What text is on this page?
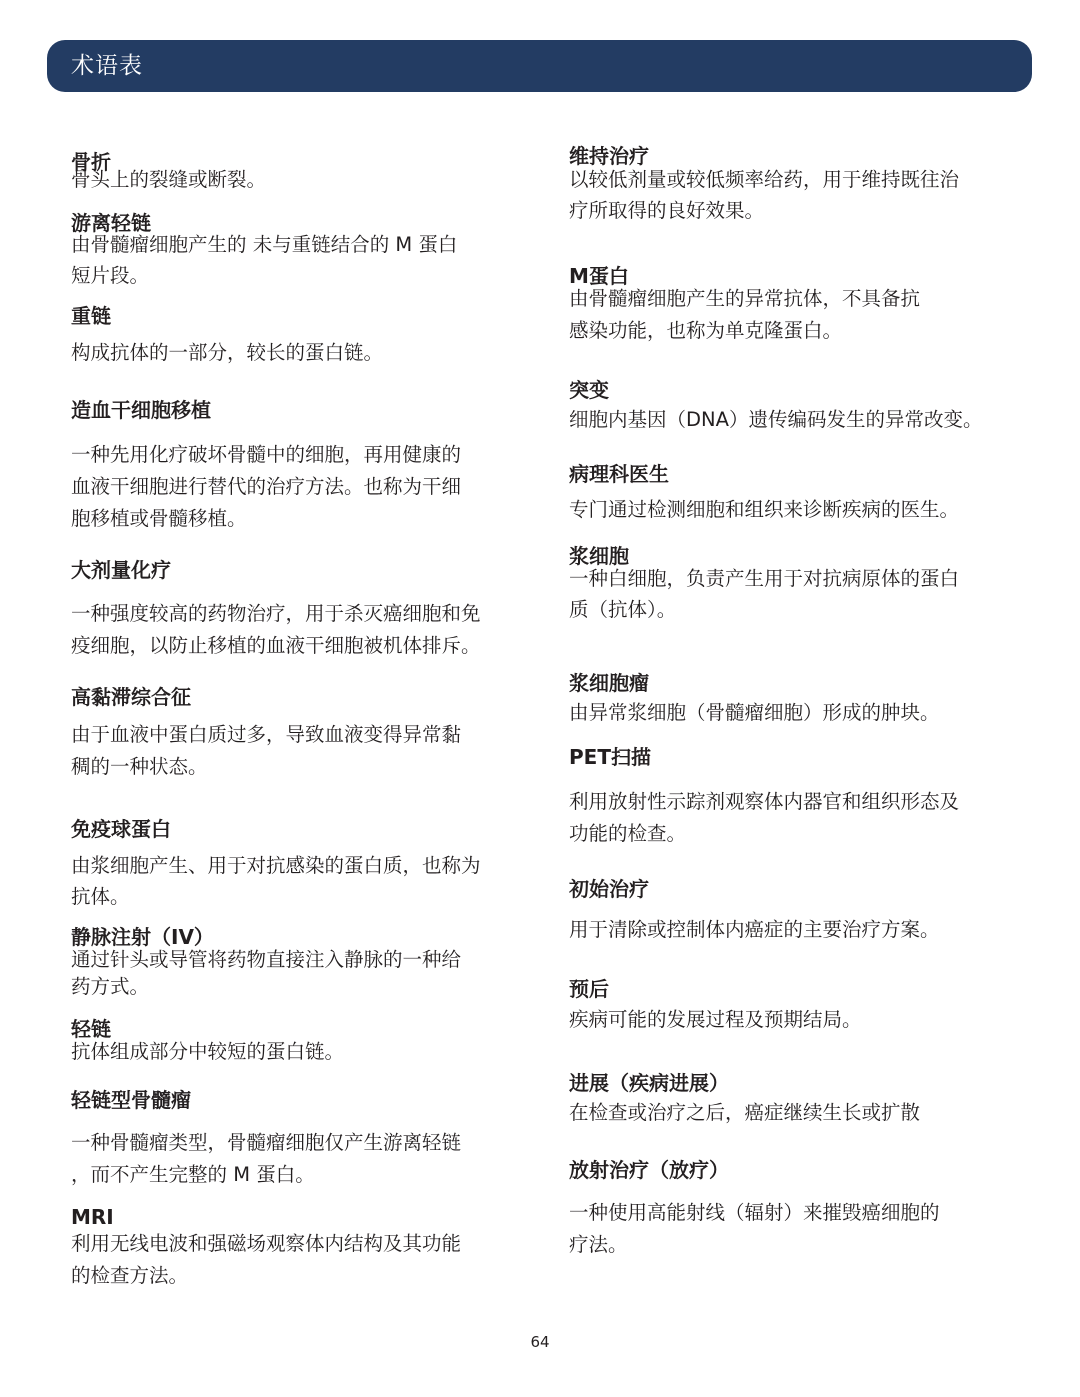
术语表
骨折
骨头上的裂缝或断裂。
游离轻链
由骨髓瘤细胞产生的 未与重链结合的 M 蛋白
短片段。
重链
构成抗体的一部分，较长的蛋白链。
造血干细胞移植
一种先用化疗破坏骨髓中的细胞，再用健康的
血液干细胞进行替代的治疗方法。也称为干细
胞移植或骨髓移植。
大剂量化疗
一种强度较高的药物治疗，用于杀灭癌细胞和免
疫细胞，以防止移植的血液干细胞被机体排斥。
高黏滞综合征
由于血液中蛋白质过多，导致血液变得异常黏
稠的一种状态。
免疫球蛋白
由浆细胞产生、用于对抗感染的蛋白质，也称为
抗体。
静脉注射（IV）
通过针头或导管将药物直接注入静脉的一种给
药方式。
轻链
抗体组成部分中较短的蛋白链。
轻链型骨髓瘤
一种骨髓瘤类型，骨髓瘤细胞仅产生游离轻链
，而不产生完整的 M 蛋白。
MRI
利用无线电波和强磁场观察体内结构及其功能
的检查方法。
维持治疗
以较低剂量或较低频率给药，用于维持既往治
疗所取得的良好效果。
M蛋白
由骨髓瘤细胞产生的异常抗体，不具备抗
感染功能，也称为单克隆蛋白。
突变
细胞内基因（DNA）遗传编码发生的异常改变。
病理科医生
专门通过检测细胞和组织来诊断疾病的医生。
浆细胞
一种白细胞，负责产生用于对抗病原体的蛋白
质（抗体）。
浆细胞瘤
由异常浆细胞（骨髓瘤细胞）形成的肿块。
PET扫描
利用放射性示踪剂观察体内器官和组织形态及
功能的检查。
初始治疗
用于清除或控制体内癌症的主要治疗方案。
预后
疾病可能的发展过程及预期结局。
进展（疾病进展）
在检查或治疗之后，癌症继续生长或扩散
放射治疗（放疗）
一种使用高能射线（辐射）来摧毁癌细胞的
疗法。
64
